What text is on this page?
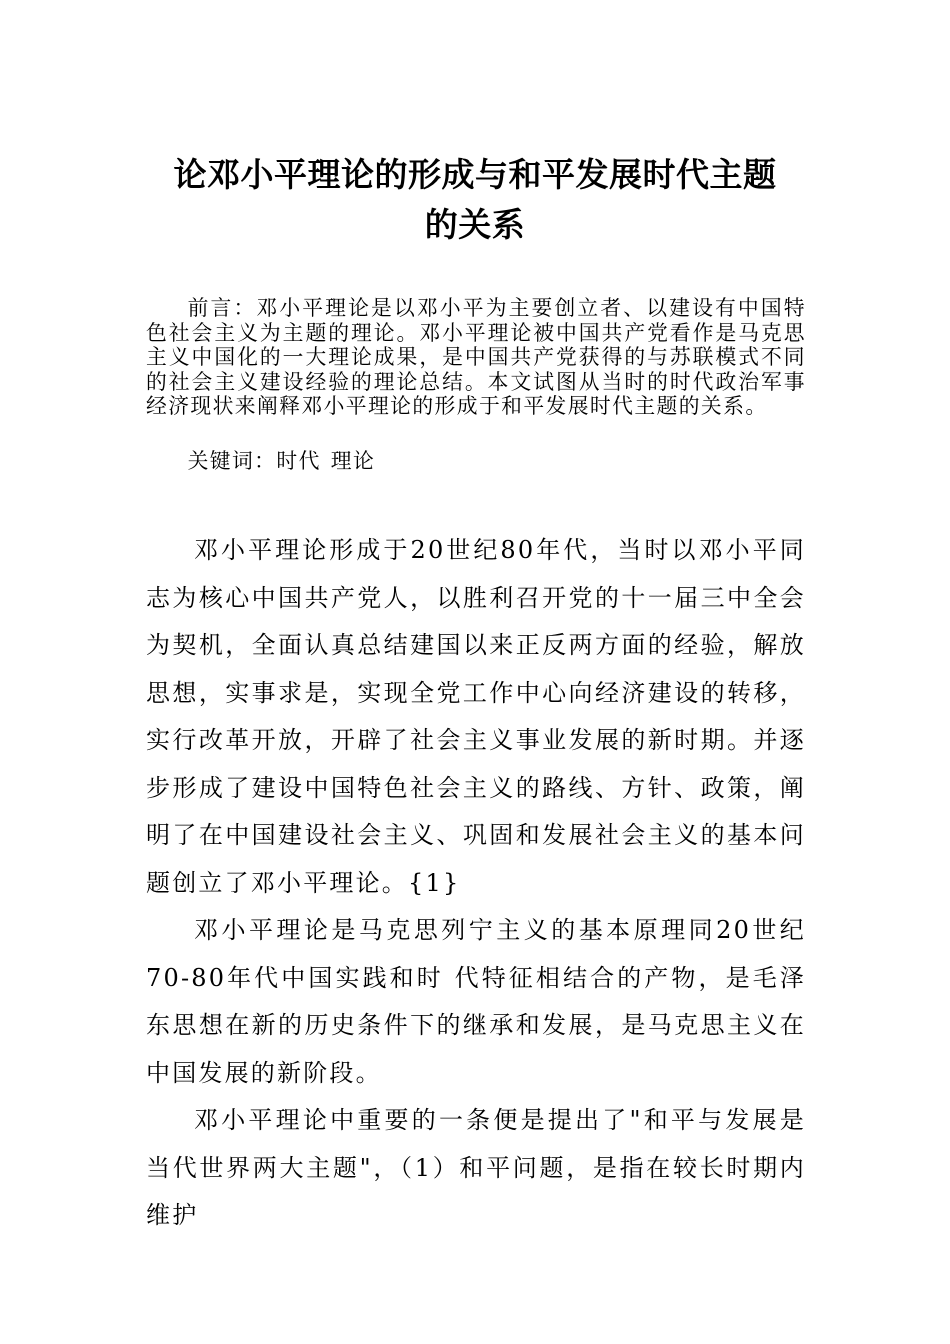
论邓小平理论的形成与和平发展时代主题
的关系

前言：邓小平理论是以邓小平为主要创立者、以建设有中国特色社会主义为主题的理论。邓小平理论被中国共产党看作是马克思主义中国化的一大理论成果，是中国共产党获得的与苏联模式不同的社会主义建设经验的理论总结。本文试图从当时的时代政治军事经济现状来阐释邓小平理论的形成于和平发展时代主题的关系。

关键词：时代 理论

邓小平理论形成于20世纪80年代，当时以邓小平同志为核心中国共产党人，以胜利召开党的十一届三中全会为契机，全面认真总结建国以来正反两方面的经验，解放思想，实事求是，实现全党工作中心向经济建设的转移，实行改革开放，开辟了社会主义事业发展的新时期。并逐步形成了建设中国特色社会主义的路线、方针、政策，阐明了在中国建设社会主义、巩固和发展社会主义的基本问题创立了邓小平理论。{1}

邓小平理论是马克思列宁主义的基本原理同20世纪70-80年代中国实践和时 代特征相结合的产物，是毛泽东思想在新的历史条件下的继承和发展，是马克思主义在中国发展的新阶段。

邓小平理论中重要的一条便是提出了"和平与发展是当代世界两大主题"，（1）和平问题，是指在较长时期内维护
